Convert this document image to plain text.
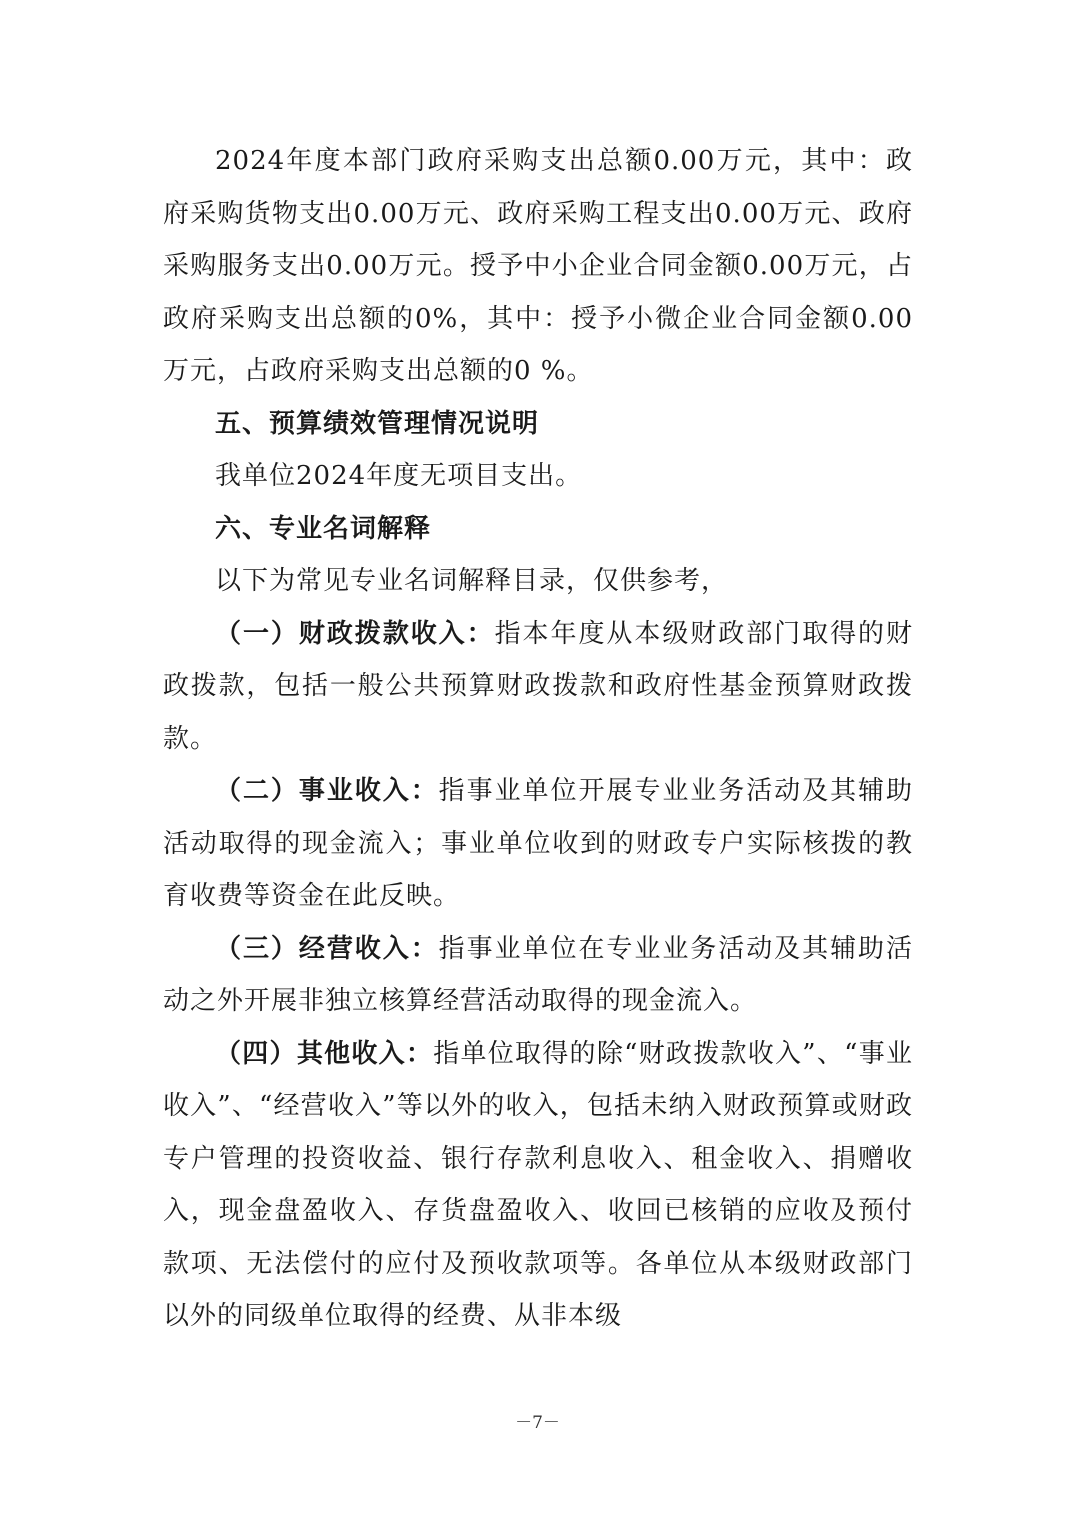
2024年度本部门政府采购支出总额0.00万元，其中：政府采购货物支出0.00万元、政府采购工程支出0.00万元、政府采购服务支出0.00万元。授予中小企业合同金额0.00万元，占政府采购支出总额的0%，其中：授予小微企业合同金额0.00万元，占政府采购支出总额的0 %。

五、预算绩效管理情况说明

我单位2024年度无项目支出。

六、专业名词解释

以下为常见专业名词解释目录，仅供参考，

（一）财政拨款收入：指本年度从本级财政部门取得的财政拨款，包括一般公共预算财政拨款和政府性基金预算财政拨款。

（二）事业收入：指事业单位开展专业业务活动及其辅助活动取得的现金流入；事业单位收到的财政专户实际核拨的教育收费等资金在此反映。

（三）经营收入：指事业单位在专业业务活动及其辅助活动之外开展非独立核算经营活动取得的现金流入。

（四）其他收入：指单位取得的除“财政拨款收入”、“事业收入”、“经营收入”等以外的收入，包括未纳入财政预算或财政专户管理的投资收益、银行存款利息收入、租金收入、捐赠收入，现金盘盈收入、存货盘盈收入、收回已核销的应收及预付款项、无法偿付的应付及预收款项等。各单位从本级财政部门以外的同级单位取得的经费、从非本级

－7－
